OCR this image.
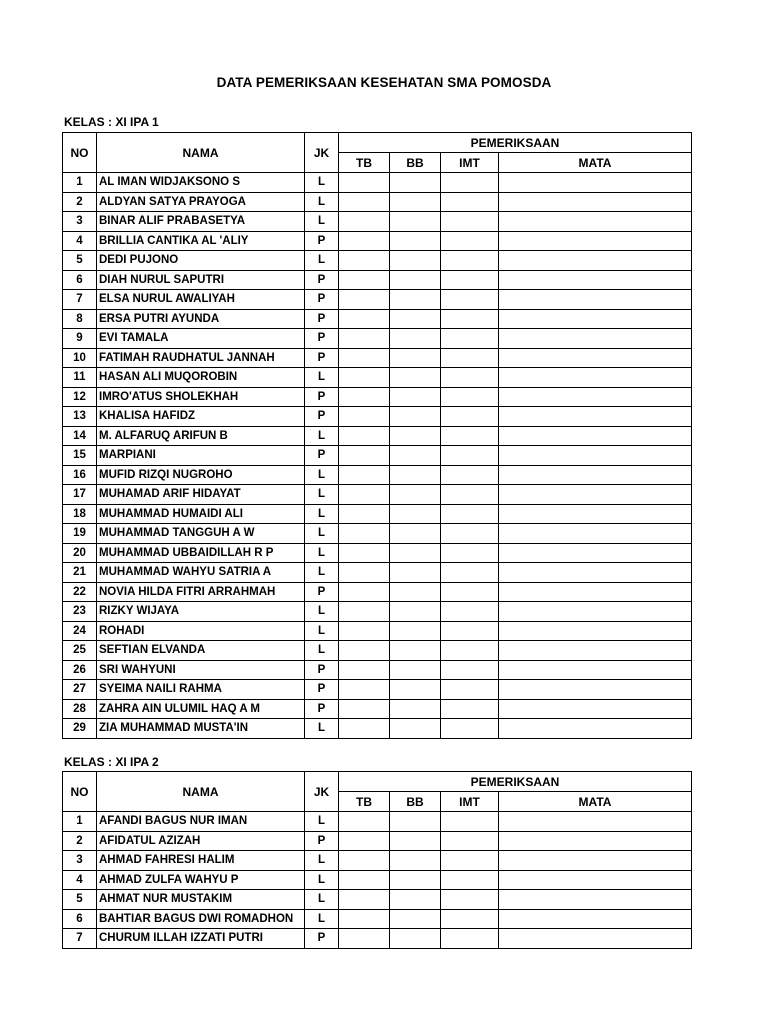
DATA PEMERIKSAAN KESEHATAN SMA POMOSDA
KELAS : XI IPA 1
NO	NAMA	JK	PEMERIKSAAN			
			TB	BB	IMT	MATA
1	AL IMAN WIDJAKSONO S	L				
2	ALDYAN SATYA PRAYOGA	L				
3	BINAR ALIF PRABASETYA	L				
4	BRILLIA CANTIKA AL 'ALIY	P				
5	DEDI PUJONO	L				
6	DIAH NURUL SAPUTRI	P				
7	ELSA NURUL AWALIYAH	P				
8	ERSA PUTRI AYUNDA	P				
9	EVI TAMALA	P				
10	FATIMAH RAUDHATUL JANNAH	P				
11	HASAN ALI MUQOROBIN	L				
12	IMRO'ATUS SHOLEKHAH	P				
13	KHALISA HAFIDZ	P				
14	M. ALFARUQ ARIFUN B	L				
15	MARPIANI	P				
16	MUFID RIZQI NUGROHO	L				
17	MUHAMAD ARIF HIDAYAT	L				
18	MUHAMMAD HUMAIDI ALI	L				
19	MUHAMMAD TANGGUH A W	L				
20	MUHAMMAD UBBAIDILLAH R P	L				
21	MUHAMMAD WAHYU SATRIA A	L				
22	NOVIA HILDA FITRI ARRAHMAH	P				
23	RIZKY WIJAYA	L				
24	ROHADI	L				
25	SEFTIAN ELVANDA	L				
26	SRI WAHYUNI	P				
27	SYEIMA NAILI RAHMA	P				
28	ZAHRA AIN ULUMIL HAQ A M	P				
29	ZIA MUHAMMAD MUSTA'IN	L				
KELAS : XI IPA 2
NO	NAMA	JK	PEMERIKSAAN			
			TB	BB	IMT	MATA
1	AFANDI BAGUS NUR IMAN	L				
2	AFIDATUL AZIZAH	P				
3	AHMAD FAHRESI HALIM	L				
4	AHMAD ZULFA WAHYU P	L				
5	AHMAT NUR MUSTAKIM	L				
6	BAHTIAR BAGUS DWI ROMADHON	L				
7	CHURUM ILLAH IZZATI PUTRI	P				
